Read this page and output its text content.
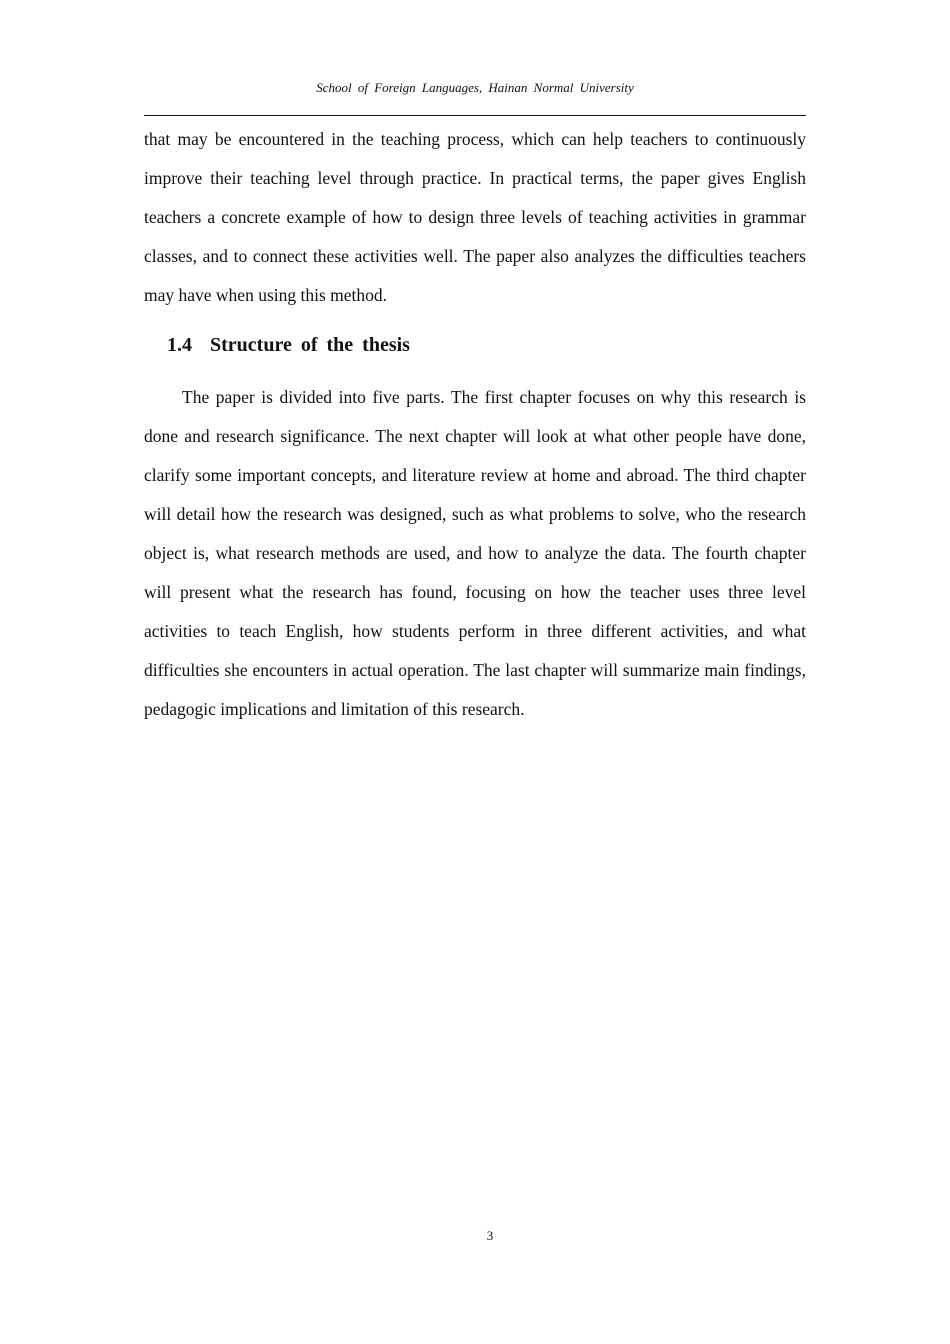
School of Foreign Languages, Hainan Normal University

that may be encountered in the teaching process, which can help teachers to continuously improve their teaching level through practice. In practical terms, the paper gives English teachers a concrete example of how to design three levels of teaching activities in grammar classes, and to connect these activities well. The paper also analyzes the difficulties teachers may have when using this method.

1.4 Structure of the thesis

The paper is divided into five parts. The first chapter focuses on why this research is done and research significance. The next chapter will look at what other people have done, clarify some important concepts, and literature review at home and abroad. The third chapter will detail how the research was designed, such as what problems to solve, who the research object is, what research methods are used, and how to analyze the data. The fourth chapter will present what the research has found, focusing on how the teacher uses three level activities to teach English, how students perform in three different activities, and what difficulties she encounters in actual operation. The last chapter will summarize main findings, pedagogic implications and limitation of this research.

3
